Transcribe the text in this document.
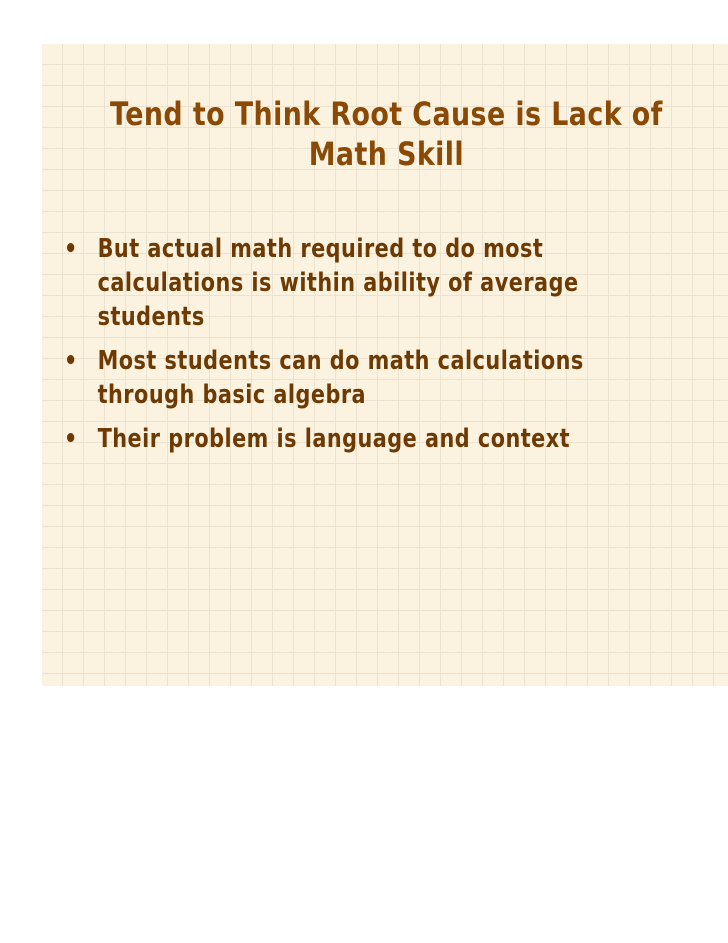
Tend to Think Root Cause is Lack of
Math Skill
• But actual math required to do most calculations is within ability of average students
• Most students can do math calculations through basic algebra
• Their problem is language and context
